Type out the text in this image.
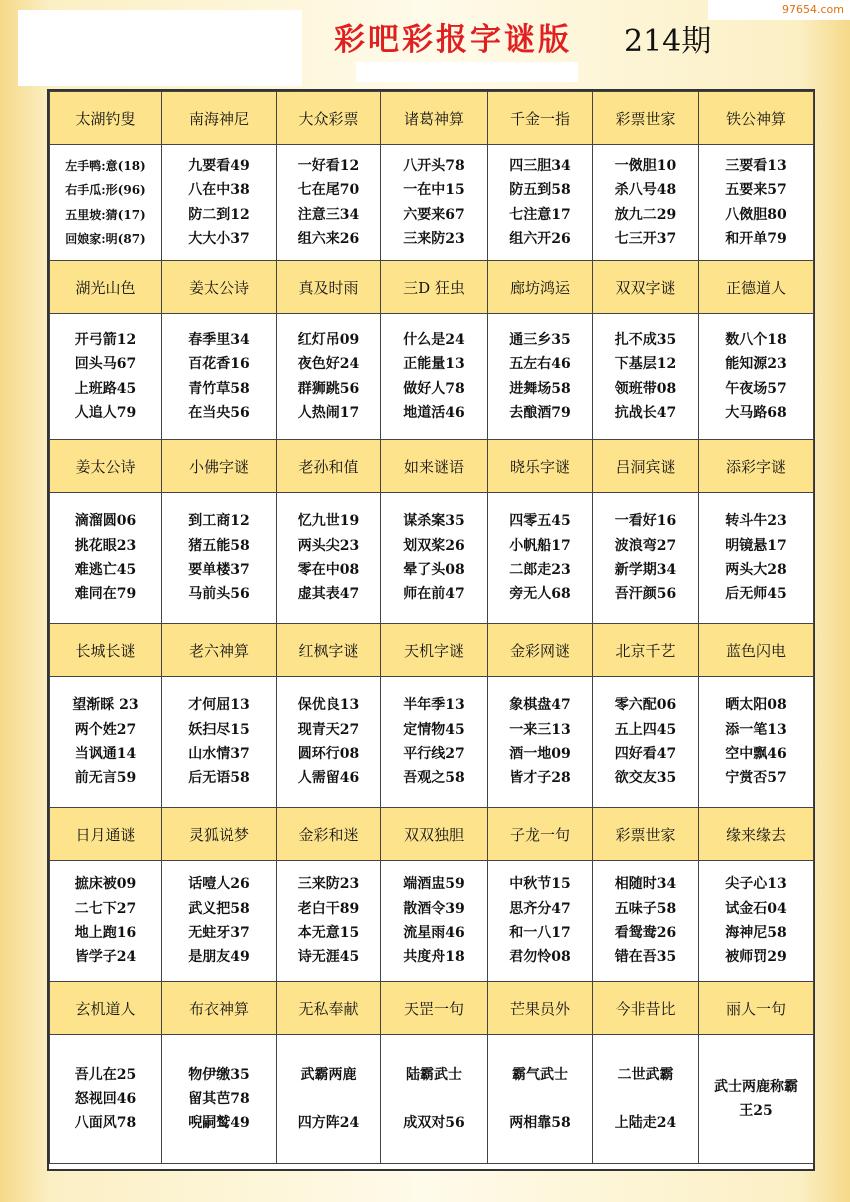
彩吧彩报字谜版 214期
97654.com
太湖钓叟	南海神尼	大众彩票	诸葛神算	千金一指	彩票世家	铁公神算

左手鸭:意(18)
右手瓜:形(96)
五里坡:猜(17)
回娘家:明(87)	九要看49
八在中38
防二到12
大大小37	一好看12
七在尾70
注意三34
组六来26	八开头78
一在中15
六要来67
三来防23	四三胆34
防五到58
七注意17
组六开26	一傚胆10
杀八号48
放九二29
七三开37	三要看13
五要来57
八傚胆80
和开单79

湖光山色	姜太公诗	真及时雨	三D 狂虫	廊坊鸿运	双双字谜	正德道人

开弓箭12
回头马67
上班路45
人追人79	春季里34
百花香16
青竹草58
在当央56	红灯吊09
夜色好24
群狮跳56
人热闹17	什么是24
正能量13
做好人78
地道活46	通三乡35
五左右46
进舞场58
去酿酒79	扎不成35
下基层12
领班带08
抗战长47	数八个18
能知源23
午夜场57
大马路68

姜太公诗	小佛字谜	老孙和值	如来谜语	晓乐字谜	吕洞宾谜	添彩字谜

滴溜圆06
挑花眼23
难逃亡45
难同在79	到工商12
猪五能58
要单楼37
马前头56	忆九世19
两头尖23
零在中08
虚其表47	谋杀案35
划双桨26
晕了头08
师在前47	四零五45
小帆船17
二郎走23
旁无人68	一看好16
波浪弯27
新学期34
吾汗颜56	转斗牛23
明镜悬17
两头大28
后无师45

长城长谜	老六神算	红枫字谜	天机字谜	金彩网谜	北京千艺	蓝色闪电

望渐睬 23
两个姓27
当讽通14
前无言59	才何屈13
妖扫尽15
山水情37
后无语58	保优良13
现青天27
圆环行08
人需留46	半年季13
定情物45
平行线27
吾观之58	象棋盘47
一来三13
酒一地09
皆才子28	零六配06
五上四45
四好看47
欲交友35	晒太阳08
添一笔13
空中飘46
宁赏否57

日月通谜	灵狐说梦	金彩和迷	双双独胆	子龙一句	彩票世家	缘来缘去

摭床被09
二七下27
地上跑16
皆学子24	话噎人26
武义把58
无蛀牙37
是朋友49	三来防23
老白干89
本无意15
诗无涯45	端酒盅59
散酒令39
流星雨46
共度舟18	中秋节15
思齐分47
和一八17
君勿怜08	相随时34
五味子58
看鸳鸯26
错在吾35	尖子心13
试金石04
海神尼58
被师罚29

玄机道人	布衣神算	无私奉献	天罡一句	芒果员外	今非昔比	丽人一句

吾儿在25
怒视回46
八面风78	物伊缴35
留其芭78
唲嗣鹫49	武霸两鹿

四方阵24	陆霸武士

成双对56	霸气武士

两相靠58	二世武霸

上陆走24	武士两鹿称霸
王25
